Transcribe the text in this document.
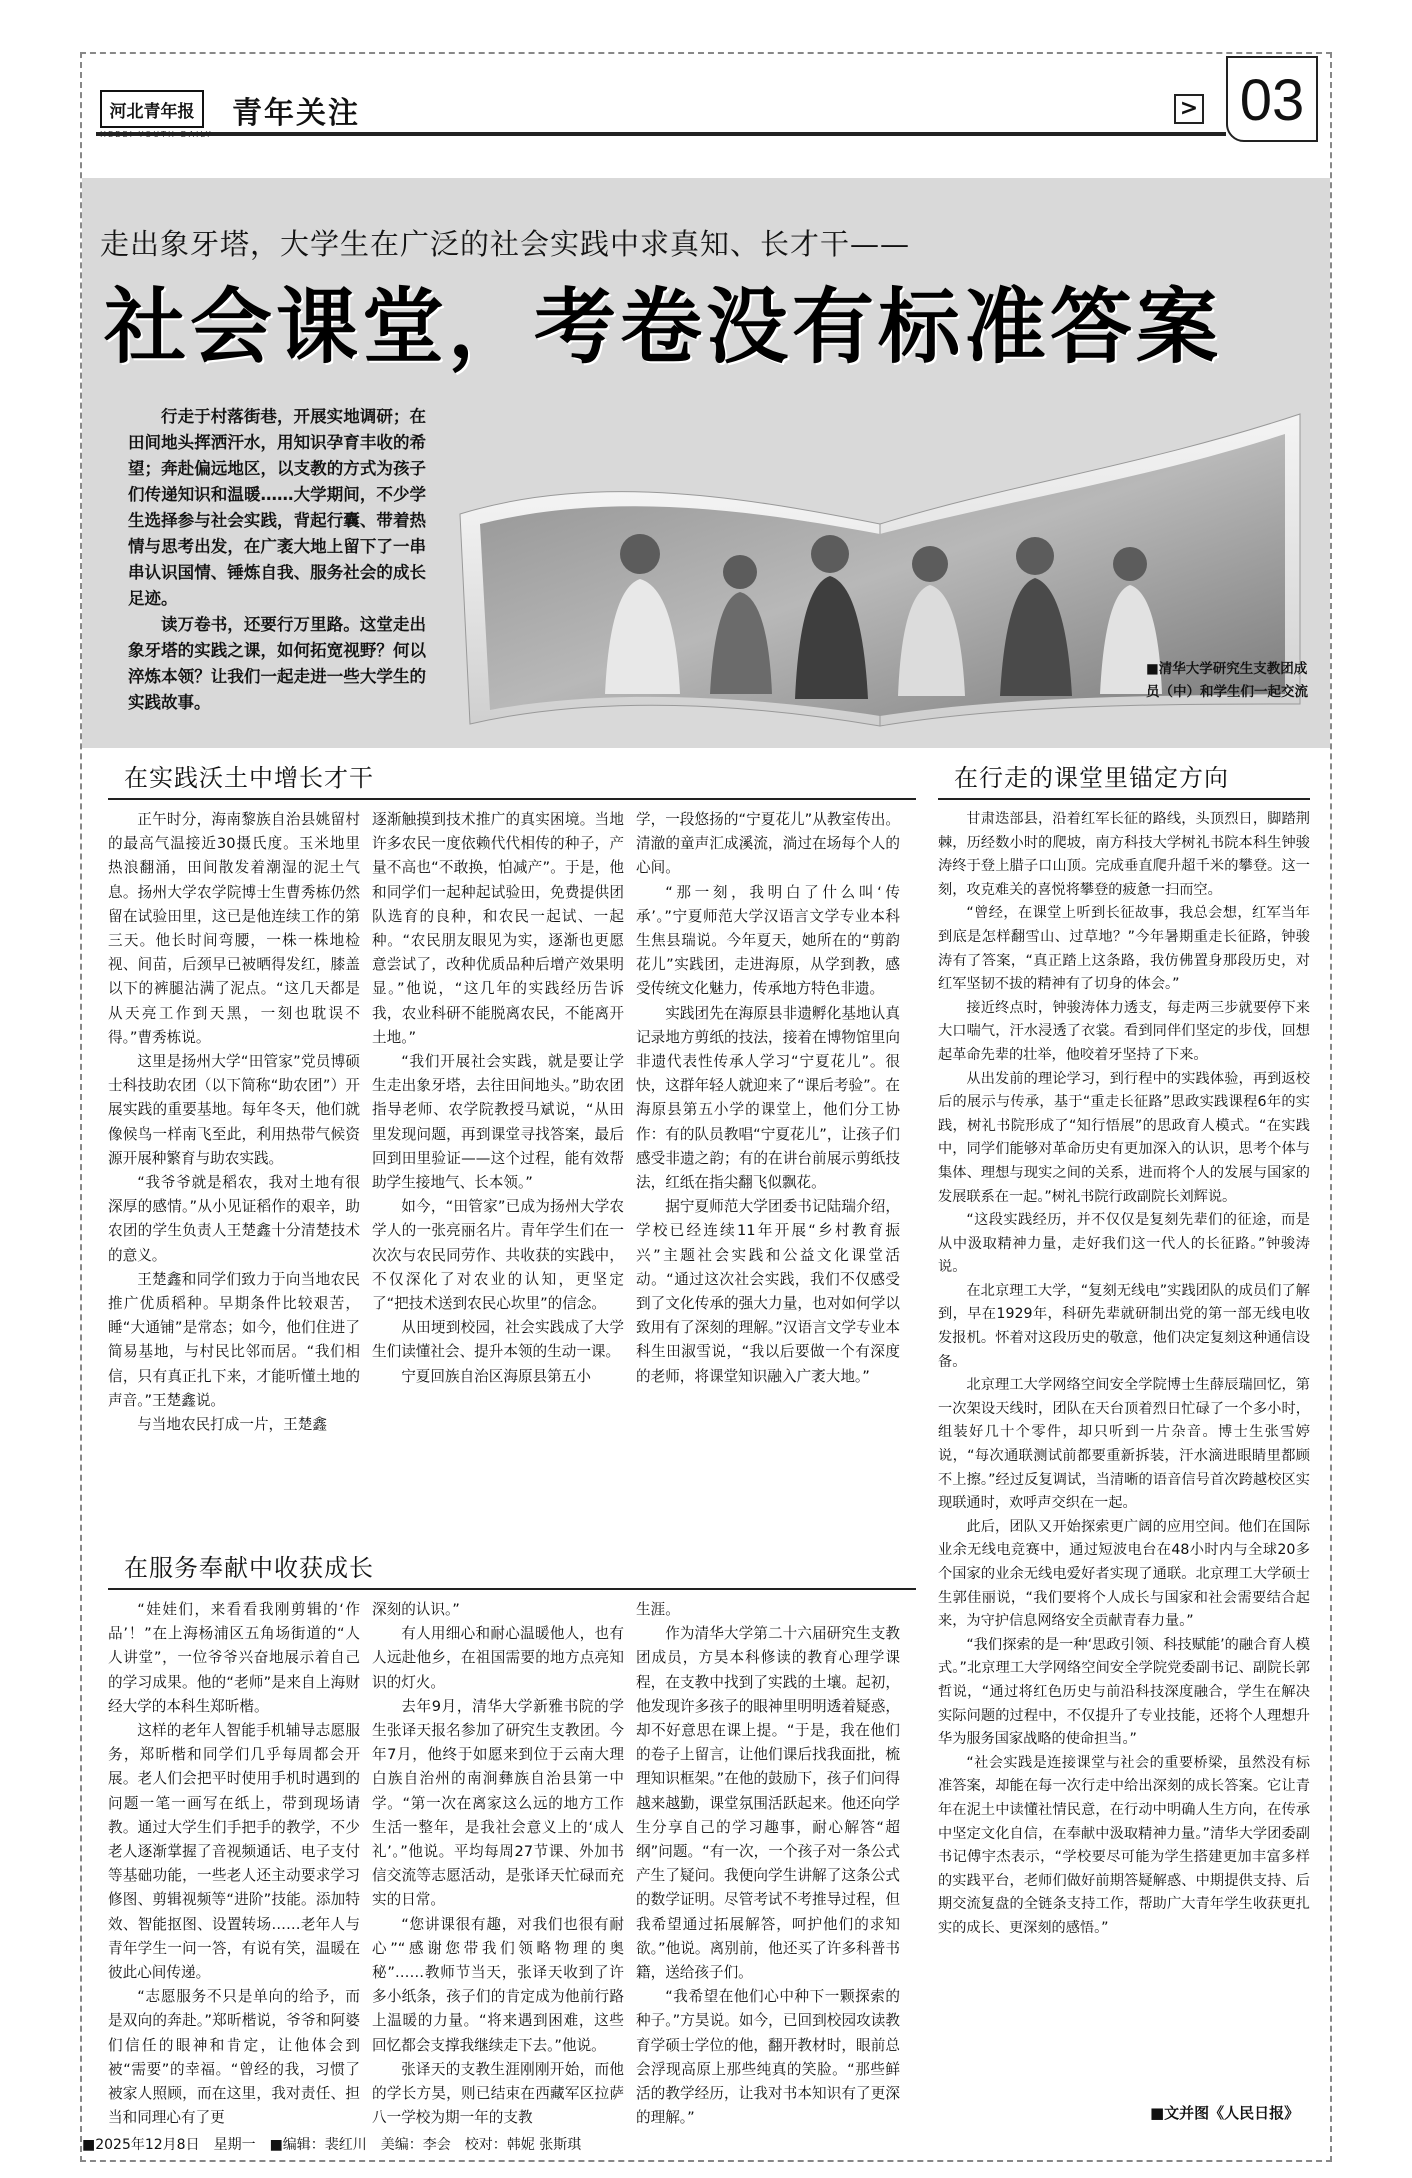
河北青年报	青年关注	> 03
走出象牙塔，大学生在广泛的社会实践中求真知、长才干——
社会课堂，考卷没有标准答案

行走于村落街巷，开展实地调研；在田间地头挥洒汗水，用知识孕育丰收的希望；奔赴偏远地区，以支教的方式为孩子们传递知识和温暖……大学期间，不少学生选择参与社会实践，背起行囊、带着热情与思考出发，在广袤大地上留下了一串串认识国情、锤炼自我、服务社会的成长足迹。

读万卷书，还要行万里路。这堂走出象牙塔的实践之课，如何拓宽视野？何以淬炼本领？让我们一起走进一些大学生的实践故事。

■清华大学研究生支教团成员（中）和学生们一起交流
在实践沃土中增长才干

正午时分，海南黎族自治县姚留村的最高气温接近30摄氏度。玉米地里热浪翻涌，田间散发着潮湿的泥土气息。扬州大学农学院博士生曹秀栋仍然留在试验田里，这已是他连续工作的第三天。他长时间弯腰，一株一株地检视、间苗，后颈早已被晒得发红，膝盖以下的裤腿沾满了泥点。“这几天都是从天亮工作到天黑，一刻也耽误不得。”曹秀栋说。

这里是扬州大学“田管家”党员博硕士科技助农团（以下简称“助农团”）开展实践的重要基地。每年冬天，他们就像候鸟一样南飞至此，利用热带气候资源开展种繁育与助农实践。

“我爷爷就是稻农，我对土地有很深厚的感情。”从小见证稻作的艰辛，助农团的学生负责人王楚鑫十分清楚技术的意义。

王楚鑫和同学们致力于向当地农民推广优质稻种。早期条件比较艰苦，睡“大通铺”是常态；如今，他们住进了简易基地，与村民比邻而居。“我们相信，只有真正扎下来，才能听懂土地的声音。”王楚鑫说。

与当地农民打成一片，王楚鑫

逐渐触摸到技术推广的真实困境。当地许多农民一度依赖代代相传的种子，产量不高也“不敢换，怕减产”。于是，他和同学们一起种起试验田，免费提供团队选育的良种，和农民一起试、一起种。“农民朋友眼见为实，逐渐也更愿意尝试了，改种优质品种后增产效果明显。”他说，“这几年的实践经历告诉我，农业科研不能脱离农民，不能离开土地。”

“我们开展社会实践，就是要让学生走出象牙塔，去往田间地头。”助农团指导老师、农学院教授马斌说，“从田里发现问题，再到课堂寻找答案，最后回到田里验证——这个过程，能有效帮助学生接地气、长本领。”

如今，“田管家”已成为扬州大学农学人的一张亮丽名片。青年学生们在一次次与农民同劳作、共收获的实践中，不仅深化了对农业的认知，更坚定了“把技术送到农民心坎里”的信念。

从田埂到校园，社会实践成了大学生们读懂社会、提升本领的生动一课。

宁夏回族自治区海原县第五小

学，一段悠扬的“宁夏花儿”从教室传出。清澈的童声汇成溪流，淌过在场每个人的心间。

“那一刻，我明白了什么叫‘传承’。”宁夏师范大学汉语言文学专业本科生焦县瑞说。今年夏天，她所在的“剪韵花儿”实践团，走进海原，从学到教，感受传统文化魅力，传承地方特色非遗。

实践团先在海原县非遗孵化基地认真记录地方剪纸的技法，接着在博物馆里向非遗代表性传承人学习“宁夏花儿”。很快，这群年轻人就迎来了“课后考验”。在海原县第五小学的课堂上，他们分工协作：有的队员教唱“宁夏花儿”，让孩子们感受非遗之韵；有的在讲台前展示剪纸技法，红纸在指尖翻飞似飘花。

据宁夏师范大学团委书记陆瑞介绍，学校已经连续11年开展“乡村教育振兴”主题社会实践和公益文化课堂活动。“通过这次社会实践，我们不仅感受到了文化传承的强大力量，也对如何学以致用有了深刻的理解。”汉语言文学专业本科生田淑雪说，“我以后要做一个有深度的老师，将课堂知识融入广袤大地。”

在服务奉献中收获成长

“娃娃们，来看看我刚剪辑的‘作品’！”在上海杨浦区五角场街道的“人人讲堂”，一位爷爷兴奋地展示着自己的学习成果。他的“老师”是来自上海财经大学的本科生郑昕楷。

这样的老年人智能手机辅导志愿服务，郑昕楷和同学们几乎每周都会开展。老人们会把平时使用手机时遇到的问题一笔一画写在纸上，带到现场请教。通过大学生们手把手的教学，不少老人逐渐掌握了音视频通话、电子支付等基础功能，一些老人还主动要求学习修图、剪辑视频等“进阶”技能。添加特效、智能抠图、设置转场……老年人与青年学生一问一答，有说有笑，温暖在彼此心间传递。

“志愿服务不只是单向的给予，而是双向的奔赴。”郑昕楷说，爷爷和阿婆们信任的眼神和肯定，让他体会到被“需要”的幸福。“曾经的我，习惯了被家人照顾，而在这里，我对责任、担当和同理心有了更

深刻的认识。”

有人用细心和耐心温暖他人，也有人远赴他乡，在祖国需要的地方点亮知识的灯火。

去年9月，清华大学新雅书院的学生张译天报名参加了研究生支教团。今年7月，他终于如愿来到位于云南大理白族自治州的南涧彝族自治县第一中学。“第一次在离家这么远的地方工作生活一整年，是我社会意义上的‘成人礼’。”他说。平均每周27节课、外加书信交流等志愿活动，是张译天忙碌而充实的日常。

“您讲课很有趣，对我们也很有耐心”“感谢您带我们领略物理的奥秘”……教师节当天，张译天收到了许多小纸条，孩子们的肯定成为他前行路上温暖的力量。“将来遇到困难，这些回忆都会支撑我继续走下去。”他说。

张译天的支教生涯刚刚开始，而他的学长方昊，则已结束在西藏军区拉萨八一学校为期一年的支教

生涯。

作为清华大学第二十六届研究生支教团成员，方昊本科修读的教育心理学课程，在支教中找到了实践的土壤。起初，他发现许多孩子的眼神里明明透着疑惑，却不好意思在课上提。“于是，我在他们的卷子上留言，让他们课后找我面批，梳理知识框架。”在他的鼓励下，孩子们问得越来越勤，课堂氛围活跃起来。他还向学生分享自己的学习趣事，耐心解答“超纲”问题。“有一次，一个孩子对一条公式产生了疑问。我便向学生讲解了这条公式的数学证明。尽管考试不考推导过程，但我希望通过拓展解答，呵护他们的求知欲。”他说。离别前，他还买了许多科普书籍，送给孩子们。

“我希望在他们心中种下一颗探索的种子。”方昊说。如今，已回到校园攻读教育学硕士学位的他，翻开教材时，眼前总会浮现高原上那些纯真的笑脸。“那些鲜活的教学经历，让我对书本知识有了更深的理解。”

在行走的课堂里锚定方向

甘肃迭部县，沿着红军长征的路线，头顶烈日，脚踏荆棘，历经数小时的爬坡，南方科技大学树礼书院本科生钟骏涛终于登上腊子口山顶。完成垂直爬升超千米的攀登。这一刻，攻克难关的喜悦将攀登的疲惫一扫而空。

“曾经，在课堂上听到长征故事，我总会想，红军当年到底是怎样翻雪山、过草地？”今年暑期重走长征路，钟骏涛有了答案，“真正踏上这条路，我仿佛置身那段历史，对红军坚韧不拔的精神有了切身的体会。”

接近终点时，钟骏涛体力透支，每走两三步就要停下来大口喘气，汗水浸透了衣裳。看到同伴们坚定的步伐，回想起革命先辈的壮举，他咬着牙坚持了下来。

从出发前的理论学习，到行程中的实践体验，再到返校后的展示与传承，基于“重走长征路”思政实践课程6年的实践，树礼书院形成了“知行悟展”的思政育人模式。“在实践中，同学们能够对革命历史有更加深入的认识，思考个体与集体、理想与现实之间的关系，进而将个人的发展与国家的发展联系在一起。”树礼书院行政副院长刘辉说。

“这段实践经历，并不仅仅是复刻先辈们的征途，而是从中汲取精神力量，走好我们这一代人的长征路。”钟骏涛说。

在北京理工大学，“复刻无线电”实践团队的成员们了解到，早在1929年，科研先辈就研制出党的第一部无线电收发报机。怀着对这段历史的敬意，他们决定复刻这种通信设备。

北京理工大学网络空间安全学院博士生薛辰瑞回忆，第一次架设天线时，团队在天台顶着烈日忙碌了一个多小时，组装好几十个零件，却只听到一片杂音。博士生张雪婷说，“每次通联测试前都要重新拆装，汗水滴进眼睛里都顾不上擦。”经过反复调试，当清晰的语音信号首次跨越校区实现联通时，欢呼声交织在一起。

此后，团队又开始探索更广阔的应用空间。他们在国际业余无线电竞赛中，通过短波电台在48小时内与全球20多个国家的业余无线电爱好者实现了通联。北京理工大学硕士生郭佳丽说，“我们要将个人成长与国家和社会需要结合起来，为守护信息网络安全贡献青春力量。”

“我们探索的是一种‘思政引领、科技赋能’的融合育人模式。”北京理工大学网络空间安全学院党委副书记、副院长郭哲说，“通过将红色历史与前沿科技深度融合，学生在解决实际问题的过程中，不仅提升了专业技能，还将个人理想升华为服务国家战略的使命担当。”

“社会实践是连接课堂与社会的重要桥梁，虽然没有标准答案，却能在每一次行走中给出深刻的成长答案。它让青年在泥土中读懂社情民意，在行动中明确人生方向，在传承中坚定文化自信，在奉献中汲取精神力量。”清华大学团委副书记傅宇杰表示，“学校要尽可能为学生搭建更加丰富多样的实践平台，老师们做好前期答疑解惑、中期提供支持、后期交流复盘的全链条支持工作，帮助广大青年学生收获更扎实的成长、更深刻的感悟。”

■文并图《人民日报》
■2025年12月8日　星期一　■编辑：裴红川　美编：李会　校对：韩妮 张斯琪
